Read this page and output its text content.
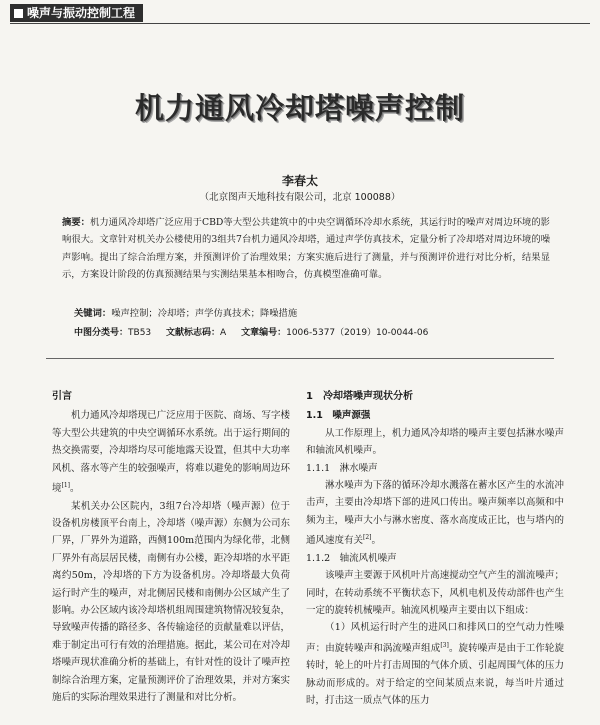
噪声与振动控制工程
机力通风冷却塔噪声控制
李春太
（北京图声天地科技有限公司，北京 100088）
摘要：机力通风冷却塔广泛应用于CBD等大型公共建筑中的中央空调循环冷却水系统，其运行时的噪声对周边环境的影响很大。文章针对机关办公楼使用的3组共7台机力通风冷却塔，通过声学仿真技术，定量分析了冷却塔对周边环境的噪声影响。提出了综合治理方案，并预测评价了治理效果；方案实施后进行了测量，并与预测评价进行对比分析，结果显示，方案设计阶段的仿真预测结果与实测结果基本相吻合，仿真模型准确可靠。
关键词：噪声控制；冷却塔；声学仿真技术；降噪措施
中图分类号：TB53 文献标志码：A 文章编号：1006-5377（2019）10-0044-06
引言

机力通风冷却塔现已广泛应用于医院、商场、写字楼等大型公共建筑的中央空调循环水系统。出于运行期间的热交换需要，冷却塔均尽可能地露天设置，但其中大功率风机、落水等产生的较强噪声，将难以避免的影响周边环境[1]。

某机关办公区院内，3组7台冷却塔（噪声源）位于设备机房楼顶平台南上，冷却塔（噪声源）东侧为公司东厂界，厂界外为道路，西侧100m范围内为绿化带，北侧厂界外有高层居民楼，南侧有办公楼，距冷却塔的水平距离约50m，冷却塔的下方为设备机房。冷却塔最大负荷运行时产生的噪声，对北侧居民楼和南侧办公区域产生了影响。办公区域内该冷却塔机组周围建筑物情况较复杂，导致噪声传播的路径多、各传输途径的贡献量难以评估，难于制定出可行有效的治理措施。据此，某公司在对冷却塔噪声现状准确分析的基础上，有针对性的设计了噪声控制综合治理方案，定量预测评价了治理效果，并对方案实施后的实际治理效果进行了测量和对比分析。

1　冷却塔噪声现状分析
1.1　噪声源强

从工作原理上，机力通风冷却塔的噪声主要包括淋水噪声和轴流风机噪声。

1.1.1　淋水噪声

淋水噪声为下落的循环冷却水溅落在蓄水区产生的水流冲击声，主要由冷却塔下部的进风口传出。噪声频率以高频和中频为主，噪声大小与淋水密度、落水高度成正比，也与塔内的通风速度有关[2]。

1.1.2　轴流风机噪声

该噪声主要源于风机叶片高速搅动空气产生的湍流噪声；同时，在转动系统不平衡状态下，风机电机及传动部件也产生一定的旋转机械噪声。轴流风机噪声主要由以下组成：

（1）风机运行时产生的进风口和排风口的空气动力性噪声：由旋转噪声和涡流噪声组成[3]。旋转噪声是由于工作轮旋转时，轮上的叶片打击周围的气体介质、引起周围气体的压力脉动而形成的。对于给定的空间某质点来说，每当叶片通过时，打击这一质点气体的压力
